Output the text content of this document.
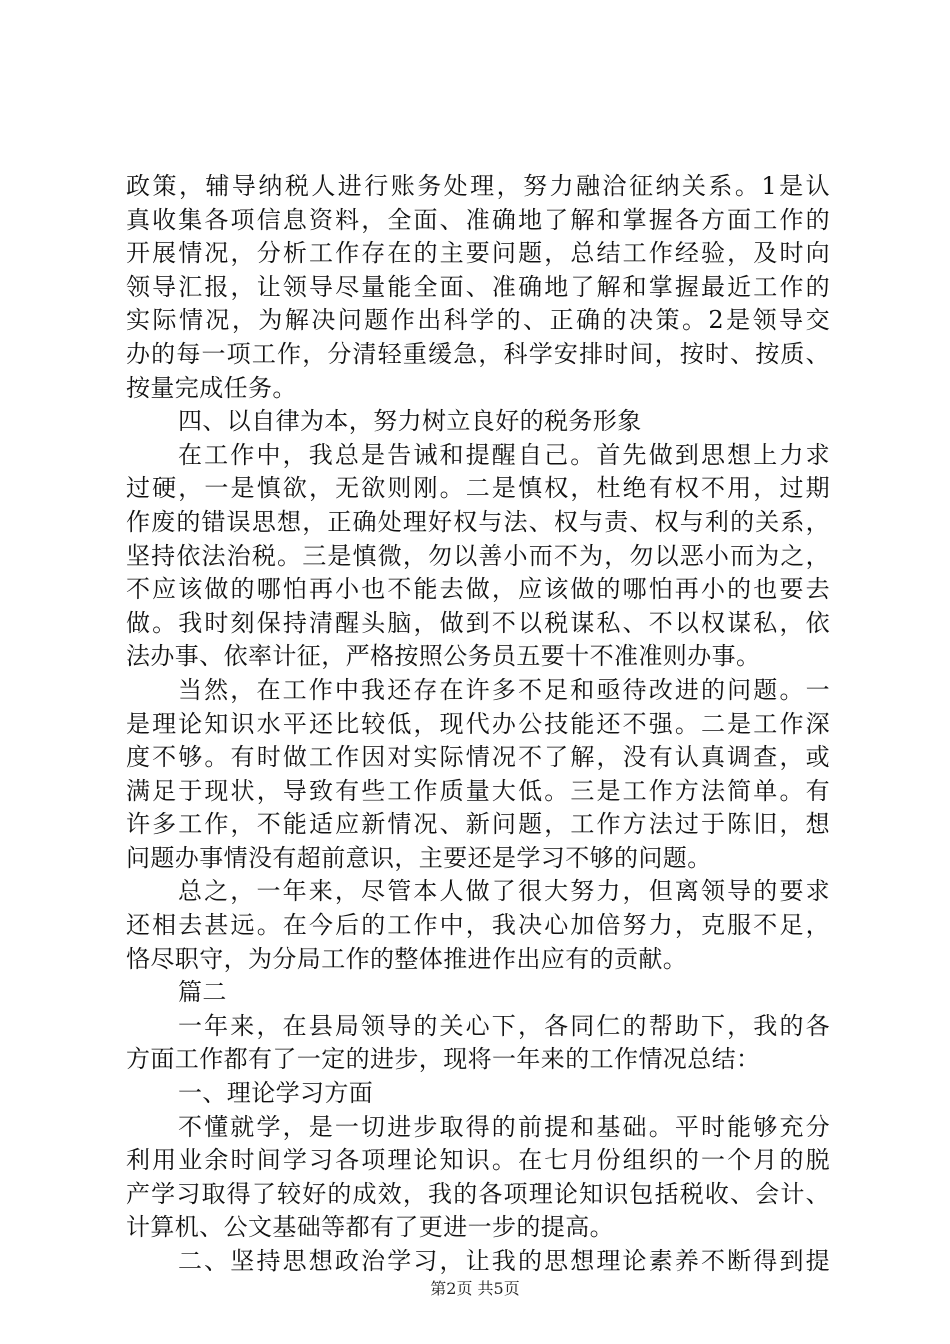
政策，辅导纳税人进行账务处理，努力融洽征纳关系。1是认
真收集各项信息资料，全面、准确地了解和掌握各方面工作的
开展情况，分析工作存在的主要问题，总结工作经验，及时向
领导汇报，让领导尽量能全面、准确地了解和掌握最近工作的
实际情况，为解决问题作出科学的、正确的决策。2是领导交
办的每一项工作，分清轻重缓急，科学安排时间，按时、按质、
按量完成任务。
四、以自律为本，努力树立良好的税务形象
在工作中，我总是告诫和提醒自己。首先做到思想上力求
过硬，一是慎欲，无欲则刚。二是慎权，杜绝有权不用，过期
作废的错误思想，正确处理好权与法、权与责、权与利的关系，
坚持依法治税。三是慎微，勿以善小而不为，勿以恶小而为之，
不应该做的哪怕再小也不能去做，应该做的哪怕再小的也要去
做。我时刻保持清醒头脑，做到不以税谋私、不以权谋私，依
法办事、依率计征，严格按照公务员五要十不准准则办事。
当然，在工作中我还存在许多不足和亟待改进的问题。一
是理论知识水平还比较低，现代办公技能还不强。二是工作深
度不够。有时做工作因对实际情况不了解，没有认真调查，或
满足于现状，导致有些工作质量大低。三是工作方法简单。有
许多工作，不能适应新情况、新问题，工作方法过于陈旧，想
问题办事情没有超前意识，主要还是学习不够的问题。
总之，一年来，尽管本人做了很大努力，但离领导的要求
还相去甚远。在今后的工作中，我决心加倍努力，克服不足，
恪尽职守，为分局工作的整体推进作出应有的贡献。
篇二
一年来，在县局领导的关心下，各同仁的帮助下，我的各
方面工作都有了一定的进步，现将一年来的工作情况总结：
一、理论学习方面
不懂就学，是一切进步取得的前提和基础。平时能够充分
利用业余时间学习各项理论知识。在七月份组织的一个月的脱
产学习取得了较好的成效，我的各项理论知识包括税收、会计、
计算机、公文基础等都有了更进一步的提高。
二、坚持思想政治学习，让我的思想理论素养不断得到提
第2页 共5页
